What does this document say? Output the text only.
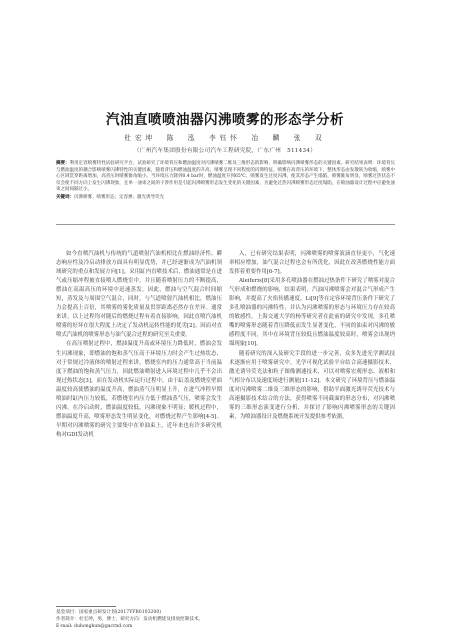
汽油直喷喷油器闪沸喷雾的形态学分析
杜宏坤　陈　泓　李钰怀　冶　麟　张　双
（广州汽车集团股份有限公司汽车工程研究院，广东广州　511434）
摘要：利用定容喷雾特性试验研究平台，试验研究了环境背压和燃油温度对闪沸喷雾二维及三维形态的影响，明确影响闪沸喷雾形态的关键因素。研究结果表明：环境背压与燃油温度的耦合影响喷雾闪沸特性的关键因素，随着背压和燃油温度的升高，喷雾呈现不同程度的闪沸特征。喷雾在高背压的环境下，整体形态由发散转为收缩，喷雾中心区域贯穿距离增加，高背压时喷雾锥角缩小。当环境压力降到0.4 bar时，燃油温度升到65℃，喷雾发生过度闪沸，使其形态产生塌陷，喷雾锥角明显，喷雾过热状态不仅会使不同方向上发生闪沸现象，且单一油束之间的干涉作用是引起闪沸喷雾形态发生变化的关键因素，为避免过热闪沸喷雾形态过度塌陷，在喷油器设计过程中应避免油束之间间隔过小。
关键词：闪沸喷雾；喷雾形态；定容弹；激光诱导荧光

如今直喷汽油机与传统的气道喷射汽油机相比在燃油经济性、瞬态响应性及冷启动排放方面具有明显优势，并已经逐渐成为汽油机领域研究的重点和发展方向[1]。采用缸内直喷技术后，燃油通常是在进气或压缩冲程被直接喷入燃烧室中，并且随着喷射压力的不断提高，燃油在高温高压的环境中迅速蒸发。因此，燃油与空气混合时间缩短，蒸发及与周围空气混合，同时，与气道喷射汽油机相比，燃油压力会提高上百倍，其喷雾的雾化质量及贯穿距离必然存在差异。通常来讲，以上过程均对随后的燃烧过程有着直接影响，因此直喷汽油机喷雾的好坏在很大程度上决定了发动机运转性能的优劣[2]。因而对直喷式汽油机的喷雾形态与油气混合过程的研究至关重要。

在高压喷射过程中，燃油温度升高或环境压力降低时，燃油会发生闪沸现象，即燃油的饱和蒸气压高于环境压力时会产生过热状态，对于常规过冷液体的喷射过程来讲，燃烧室内的压力通常高于当前温度下燃油的饱和蒸气压力，因此燃油喷射进入环境过程中几乎不会出现过热状态[3]。而在发动机实际运行过程中，由于缸盖及燃烧室壁面温度较高使燃油的温度升高，燃油蒸气压明显上升，在进气冲程早期喷油时缸内压力较低，若燃烧室内压力低于燃油蒸气压，喷雾会发生闪沸。在冷启动时，燃油温度较低，闪沸现象不明显；暖机过程中，燃油温度升高，喷雾形态发生明显变化，对燃烧过程产生影响[4-5]。早期对闪沸喷雾的研究主要集中在单油束上，近年来也有许多研究机构对GDI发动机

入，已有研究结果表明，闪沸喷雾的喷雾液滴直径更小，气化速率相应增加，油气混合过程也会有所优化，因此在改善燃烧性能方面发挥着重要作用[6-7]。

Aleiferis[8]采用多孔喷油器在燃油过热条件下研究了喷雾对混合气形成和燃烧的影响，结果表明，汽油闪沸喷雾会对混合气形成产生影响，并提高了火焰传播速度。Li[9]等在定容环境背压条件下研究了多孔喷油器的闪沸特性，并认为闪沸喷雾的形态与环境压力存在较高的敏感性。上海交通大学的杨等研究者在此前的研究中发现，多孔喷嘴的喷雾形态随着背压降低而发生显著变化，不同的油束对闪沸的敏感程度不同，其中在环境背压较低且燃油温度较高时，喷雾会出现坍塌现象[10]。

随着研究的深入及研究手段的进一步完善，众多先进光学测试技术逐渐应用于喷雾研究中。光学可视化试验平台结合高速摄影技术、激光诱导荧光法和粒子图像测速技术，可以对喷雾宏观形态、液相和气相分布以及速度场进行测量[11-12]。本文研究了环境背压与燃油温度对闪沸喷雾二维及三维形态的影响，借助平面激光诱导荧光技术与高速摄影技术结合的方法，获得喷雾不同截面的形态分布，对闪沸喷雾的三维形态演变进行分析，并探讨了影响闪沸喷雾形态的关键因素，为喷油器设计及燃烧系统开发提供参考依据。

基金项目：国家重点研发计划(2017YFB0103200)
作者简介：杜宏坤，男，博士，研究方向：发动机燃烧及排放控制技术。
E-mail: duhongkun@gacrnd.com
